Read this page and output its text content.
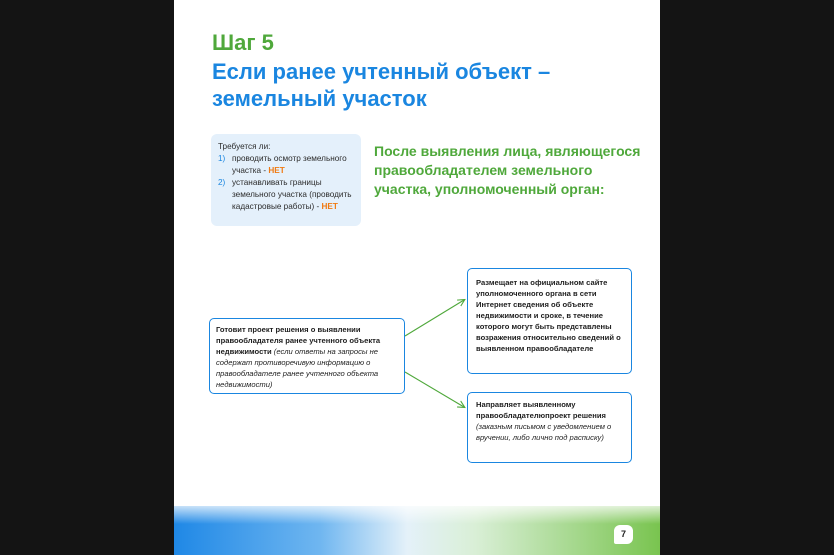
Шаг 5
Если ранее учтенный объект – земельный участок

Требуется ли:

1) проводить осмотр земельного участка - НЕТ
2) устанавливать границы земельного участка (проводить кадастровые работы) - НЕТ

После выявления лица, являющегося правообладателем земельного участка, уполномоченный орган:

Готовит проект решения о выявлении правообладателя ранее учтенного объекта недвижимости (если ответы на запросы не содержат противоречивую информацию о правообладателе ранее учтенного объекта недвижимости)
Размещает на официальном сайте уполномоченного органа в сети Интернет сведения об объекте недвижимости и сроке, в течение которого могут быть представлены возражения относительно сведений о выявленном правообладателе
Направляет выявленному правообладателюпроект решения (заказным письмом с уведомлением о вручении, либо лично под расписку)
7
